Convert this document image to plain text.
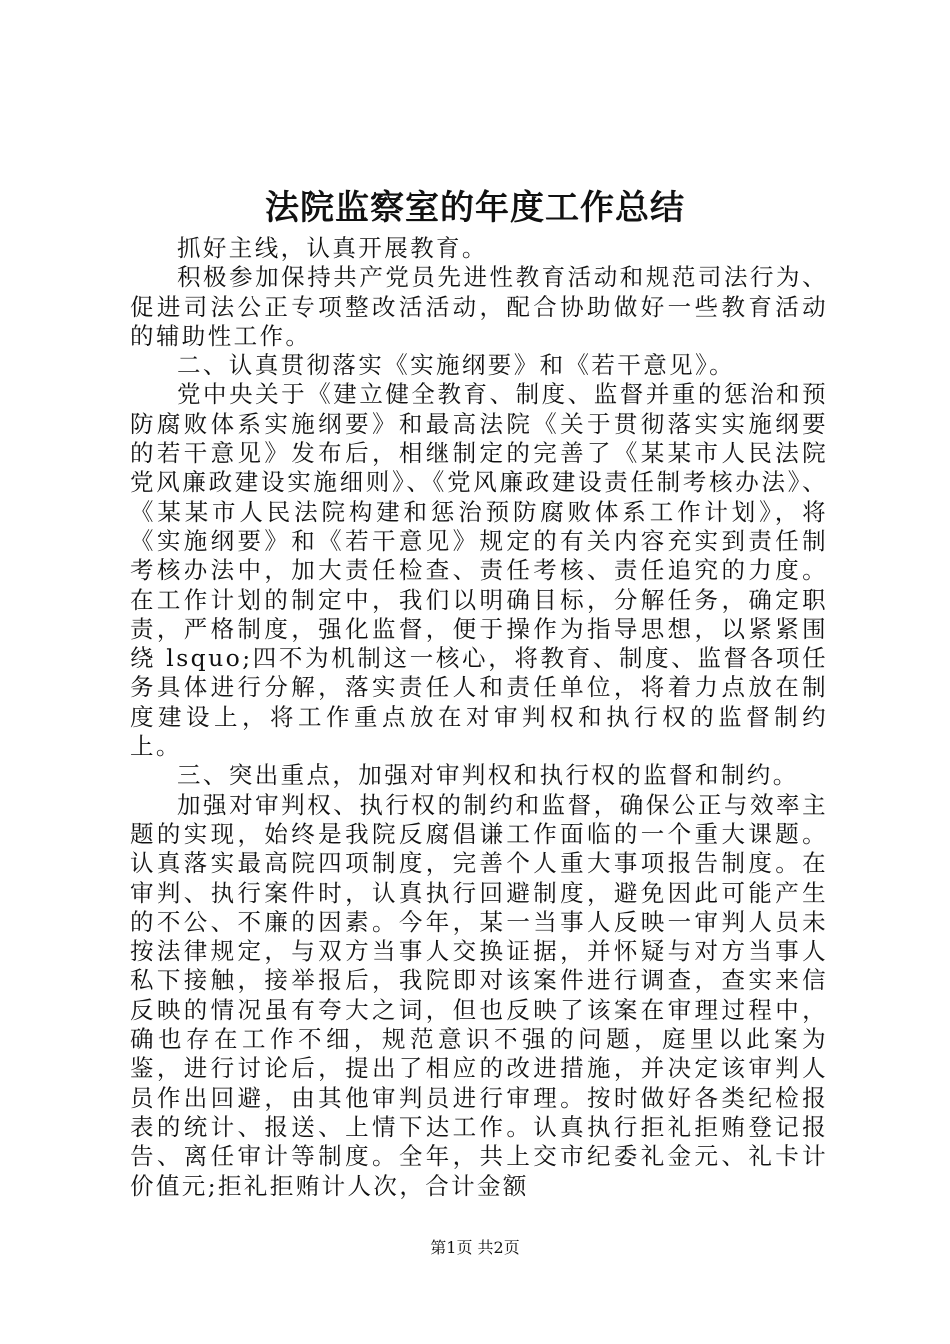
法院监察室的年度工作总结

抓好主线，认真开展教育。

积极参加保持共产党员先进性教育活动和规范司法行为、促进司法公正专项整改活活动，配合协助做好一些教育活动的辅助性工作。

二、认真贯彻落实《实施纲要》和《若干意见》。

党中央关于《建立健全教育、制度、监督并重的惩治和预防腐败体系实施纲要》和最高法院《关于贯彻落实实施纲要的若干意见》发布后，相继制定的完善了《某某市人民法院党风廉政建设实施细则》、《党风廉政建设责任制考核办法》、《某某市人民法院构建和惩治预防腐败体系工作计划》，将《实施纲要》和《若干意见》规定的有关内容充实到责任制考核办法中，加大责任检查、责任考核、责任追究的力度。在工作计划的制定中，我们以明确目标，分解任务，确定职责，严格制度，强化监督，便于操作为指导思想，以紧紧围绕 lsquo;四不为机制这一核心，将教育、制度、监督各项任务具体进行分解，落实责任人和责任单位，将着力点放在制度建设上，将工作重点放在对审判权和执行权的监督制约上。

三、突出重点，加强对审判权和执行权的监督和制约。

加强对审判权、执行权的制约和监督，确保公正与效率主题的实现，始终是我院反腐倡谦工作面临的一个重大课题。认真落实最高院四项制度，完善个人重大事项报告制度。在审判、执行案件时，认真执行回避制度，避免因此可能产生的不公、不廉的因素。今年，某一当事人反映一审判人员未按法律规定，与双方当事人交换证据，并怀疑与对方当事人私下接触，接举报后，我院即对该案件进行调查，查实来信反映的情况虽有夸大之词，但也反映了该案在审理过程中，确也存在工作不细，规范意识不强的问题，庭里以此案为鉴，进行讨论后，提出了相应的改进措施，并决定该审判人员作出回避，由其他审判员进行审理。按时做好各类纪检报表的统计、报送、上情下达工作。认真执行拒礼拒贿登记报告、离任审计等制度。全年，共上交市纪委礼金元、礼卡计价值元;拒礼拒贿计人次，合计金额

第1页 共2页
